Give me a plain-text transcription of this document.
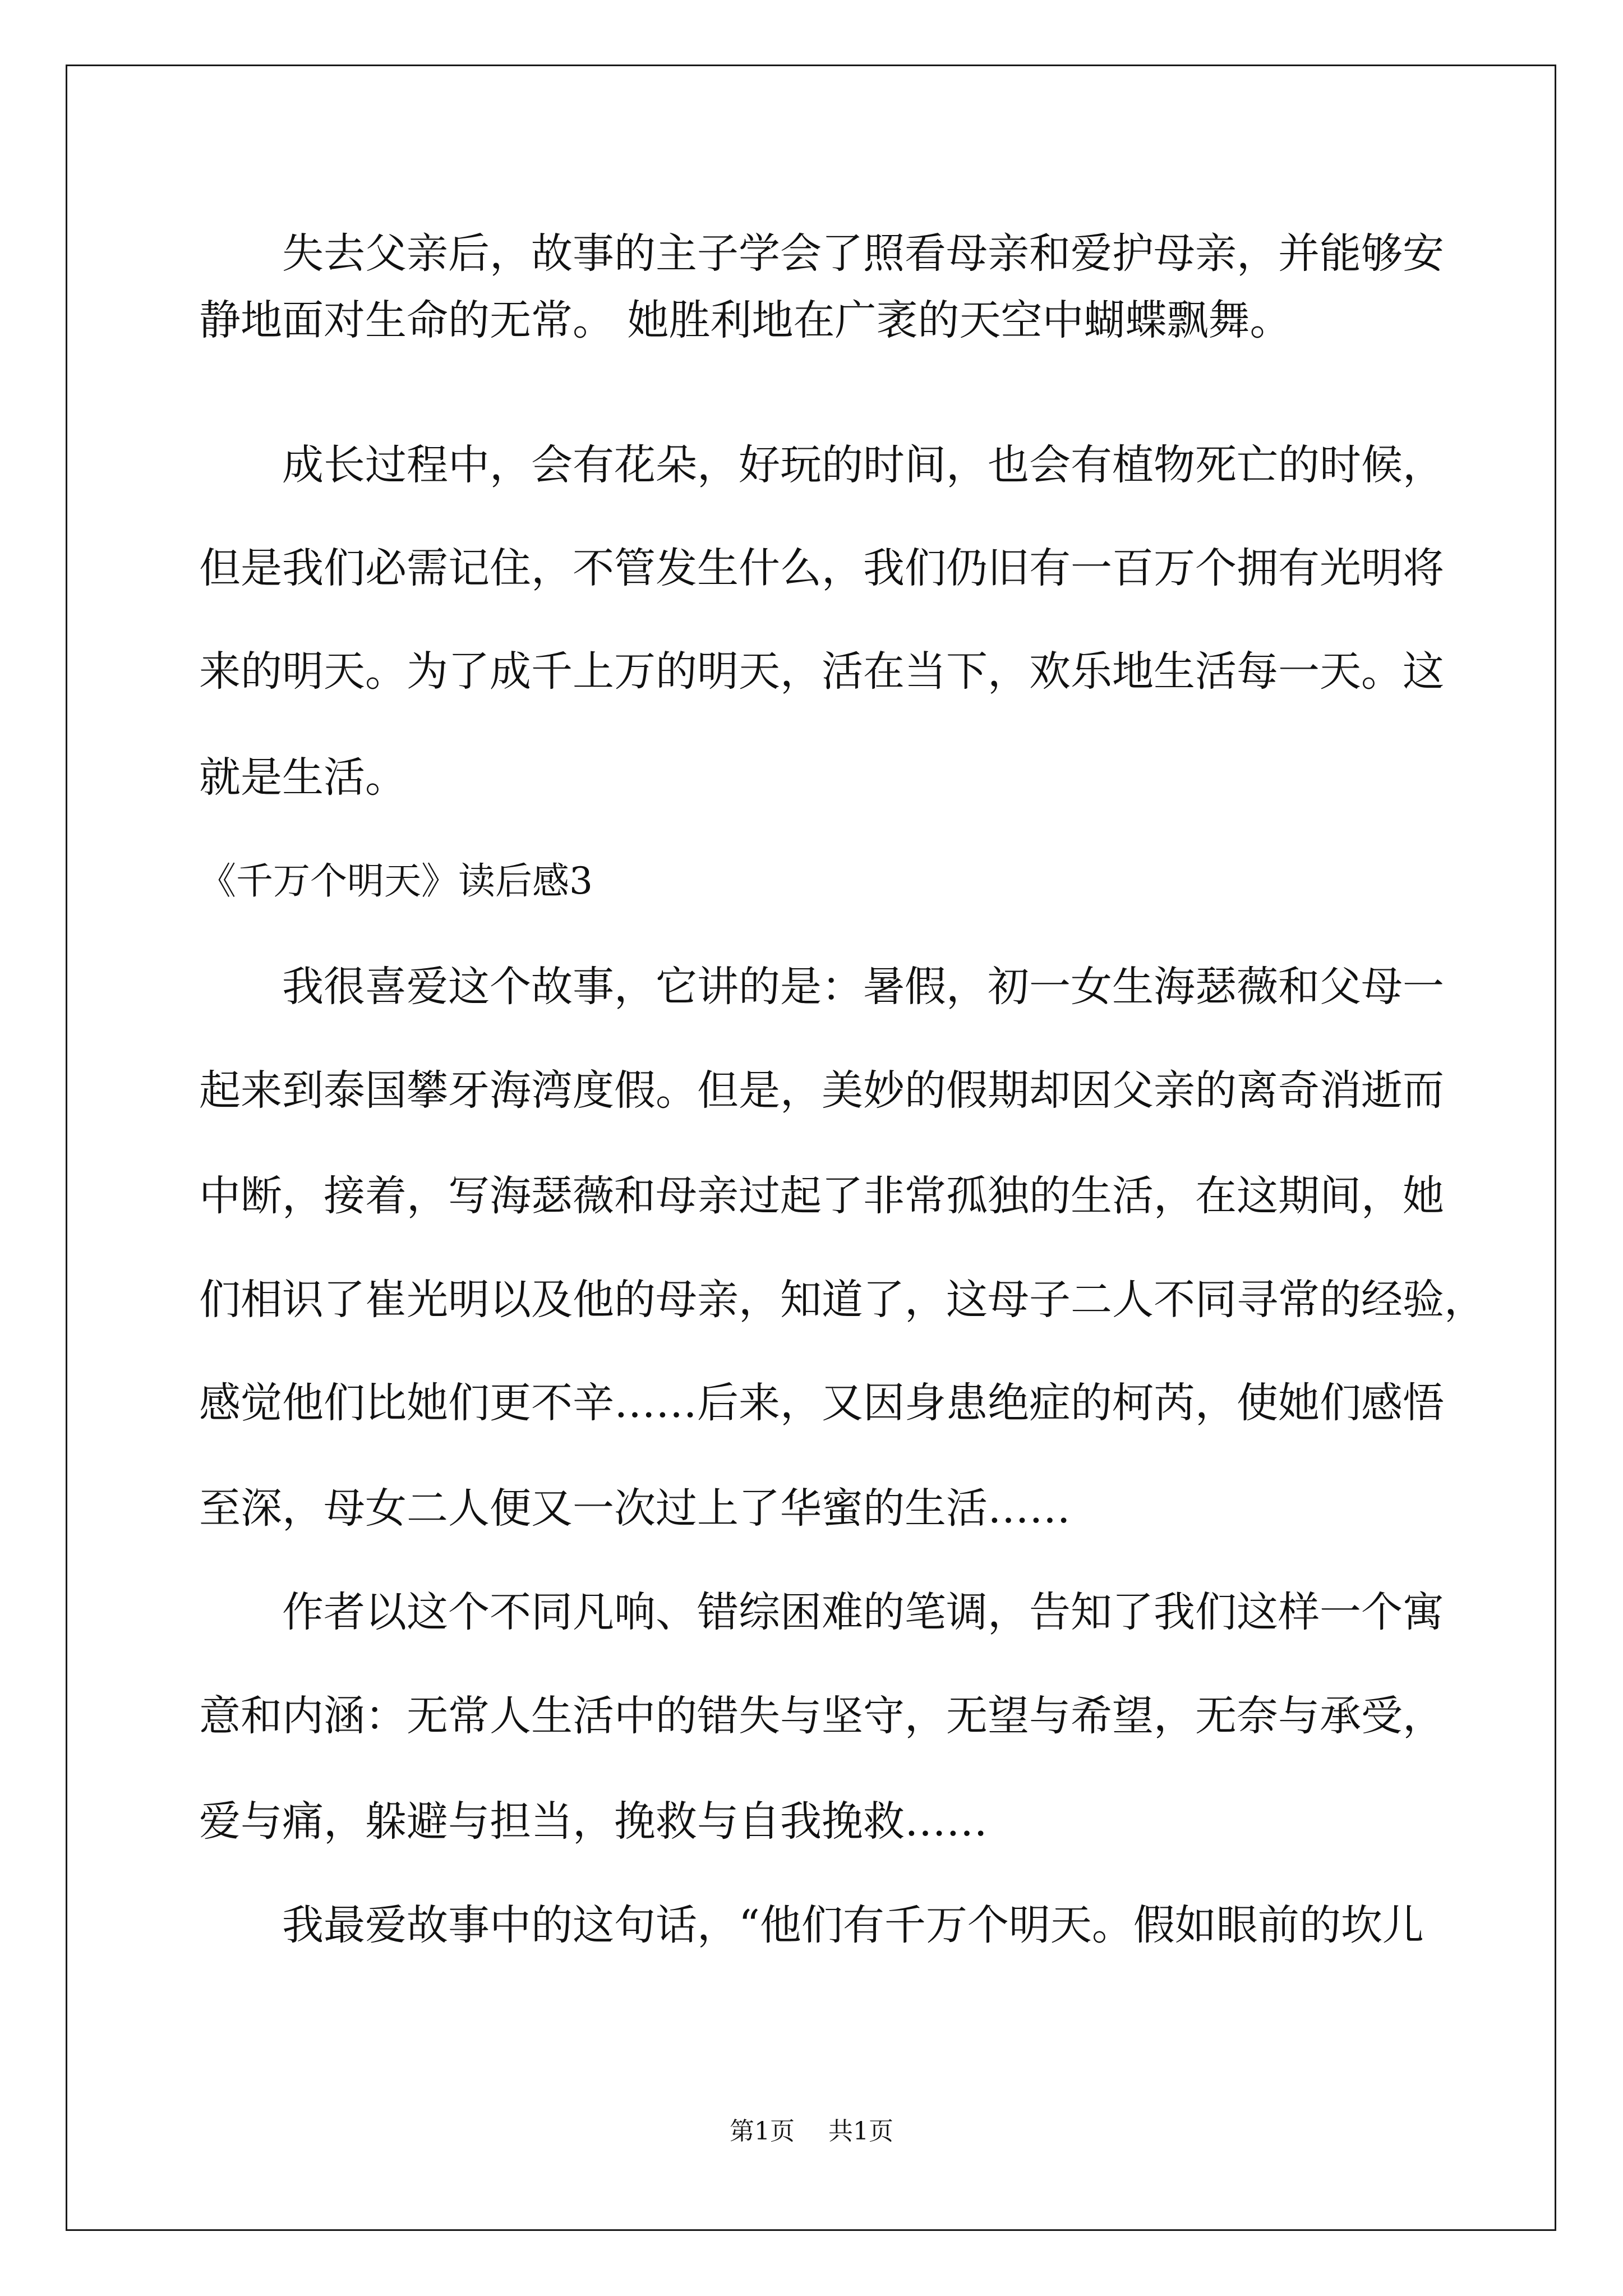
失去父亲后，故事的主子学会了照看母亲和爱护母亲，并能够安

静地面对生命的无常。 她胜利地在广袤的天空中蝴蝶飘舞。

成长过程中，会有花朵，好玩的时间，也会有植物死亡的时候，

但是我们必需记住，不管发生什么，我们仍旧有一百万个拥有光明将

来的明天。为了成千上万的明天，活在当下，欢乐地生活每一天。这

就是生活。

《千万个明天》读后感3

我很喜爱这个故事，它讲的是：暑假，初一女生海瑟薇和父母一

起来到泰国攀牙海湾度假。但是，美妙的假期却因父亲的离奇消逝而

中断，接着，写海瑟薇和母亲过起了非常孤独的生活，在这期间，她

们相识了崔光明以及他的母亲，知道了，这母子二人不同寻常的经验，

感觉他们比她们更不辛……后来，又因身患绝症的柯芮，使她们感悟

至深，母女二人便又一次过上了华蜜的生活……

作者以这个不同凡响、错综困难的笔调，告知了我们这样一个寓

意和内涵：无常人生活中的错失与坚守，无望与希望，无奈与承受，

爱与痛，躲避与担当，挽救与自我挽救……

我最爱故事中的这句话，“他们有千万个明天。假如眼前的坎儿

第1页 共1页
